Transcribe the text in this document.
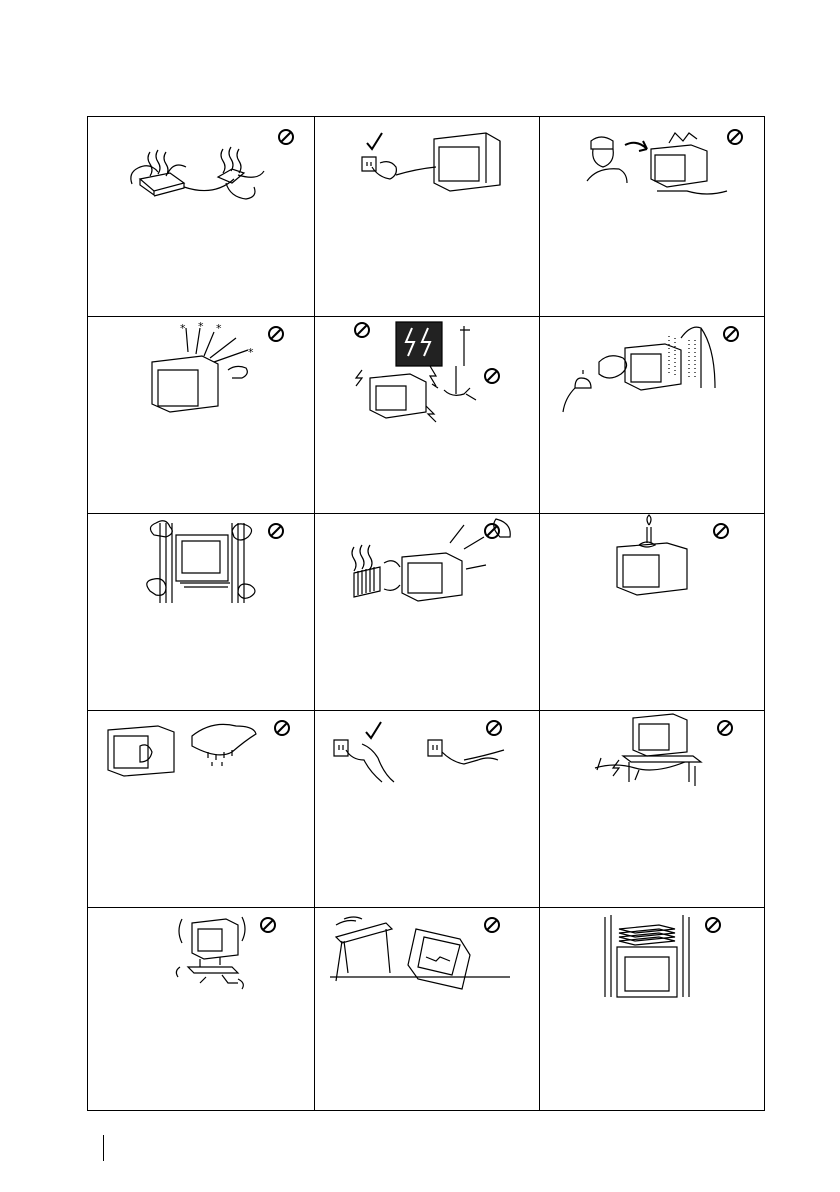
* * *
*
